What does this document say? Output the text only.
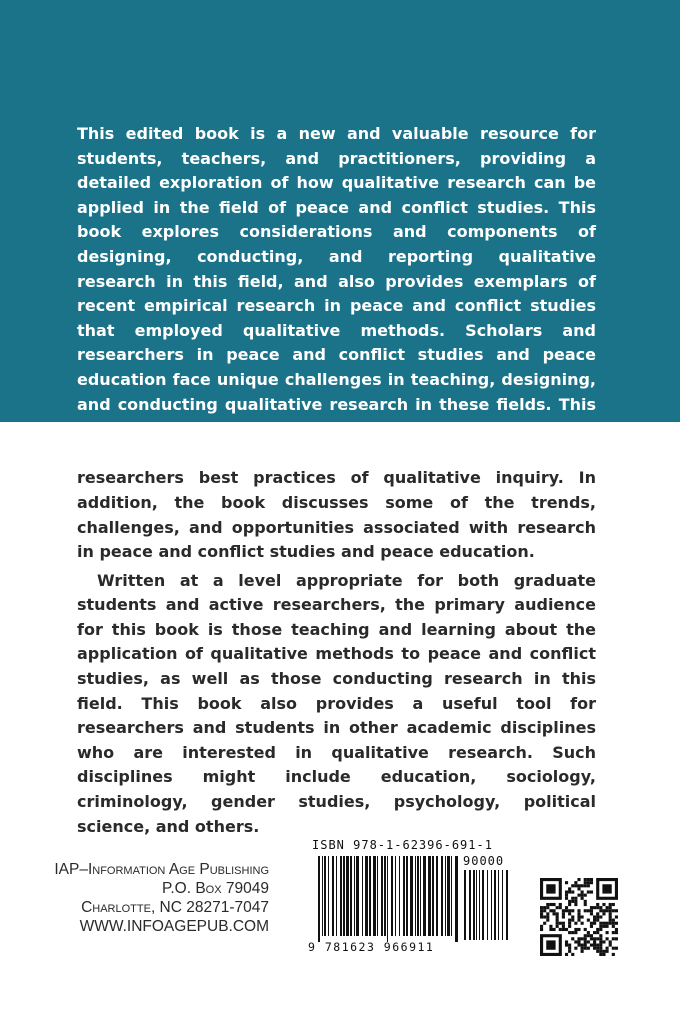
This edited book is a new and valuable resource for students, teachers, and practitioners, providing a detailed exploration of how qualitative research can be applied in the field of peace and conflict studies. This book explores considerations and components of designing, conducting, and reporting qualitative research in this field, and also provides exemplars of recent empirical research in peace and conflict studies that employed qualitative methods. Scholars and researchers in peace and conflict studies and peace education face unique challenges in teaching, designing, and conducting qualitative research in these fields. This edited book discusses tips for designing qualitative studies in this area and for teaching emerging peace researchers best practices of qualitative inquiry. In addition, the book discusses some of the trends, challenges, and opportunities associated with research in peace and conflict studies and peace education.

Written at a level appropriate for both graduate students and active researchers, the primary audience for this book is those teaching and learning about the application of qualitative methods to peace and conflict studies, as well as those conducting research in this field. This book also provides a useful tool for researchers and students in other academic disciplines who are interested in qualitative research. Such disciplines might include education, sociology, criminology, gender studies, psychology, political science, and others.

IAP–Information Age Publishing
P.O. Box 79049
Charlotte, NC 28271-7047
WWW.INFOAGEPUB.COM
ISBN 978-1-62396-691-1
90000
9 781623 966911
